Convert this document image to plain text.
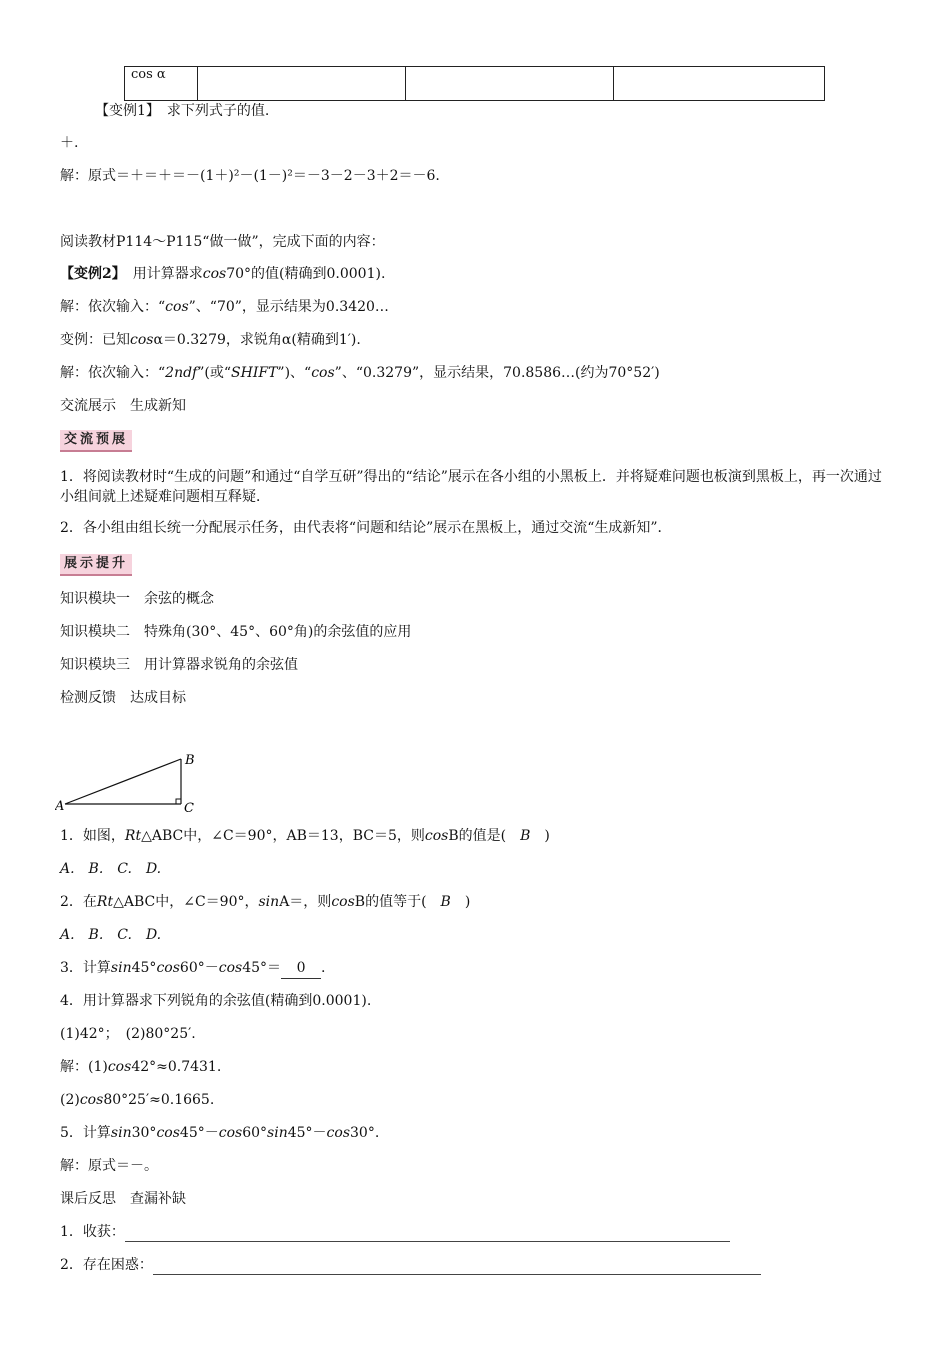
cos α			
【变例1】　 求下列式子的值.
＋.
解：原式＝＋＝＋＝－(1＋)²－(1－)²＝－3－2－3＋2＝－6.
阅读教材P114～P115“做一做”，完成下面的内容：
【变例2】　 用计算器求cos70°的值(精确到0.0001).
解：依次输入：“cos”、“70”，显示结果为0.3420…
变例：已知cosα＝0.3279，求锐角α(精确到1′).
解：依次输入：“2ndf”(或“SHIFT”)、“cos”、“0.3279”，显示结果，70.8586…(约为70°52′)
交流展示　生成新知
交流预展
1．将阅读教材时“生成的问题”和通过“自学互研”得出的“结论”展示在各小组的小黑板上．并将疑难问题也板演到黑板上，再一次通过小组间就上述疑难问题相互释疑．
2．各小组由组长统一分配展示任务，由代表将“问题和结论”展示在黑板上，通过交流“生成新知”．
展示提升
知识模块一　余弦的概念
知识模块二　特殊角(30°、45°、60°角)的余弦值的应用
知识模块三　用计算器求锐角的余弦值
检测反馈　达成目标
A
B
C
1．如图，Rt△ABC中，∠C＝90°，AB＝13，BC＝5，则cosB的值是(　 B　 )
A.　B.　C.　D.
2．在Rt△ABC中，∠C＝90°，sinA＝，则cosB的值等于(　 B　 )
A.　B.　C.　D.
3．计算sin45°cos60°－cos45°＝ 0 .
4．用计算器求下列锐角的余弦值(精确到0.0001).
(1)42°；　(2)80°25′.
解：(1)cos42°≈0.7431.
(2)cos80°25′≈0.1665.
5．计算sin30°cos45°－cos60°sin45°－cos30°.
解：原式＝－。
课后反思　查漏补缺
1．收获：
2．存在困惑：
